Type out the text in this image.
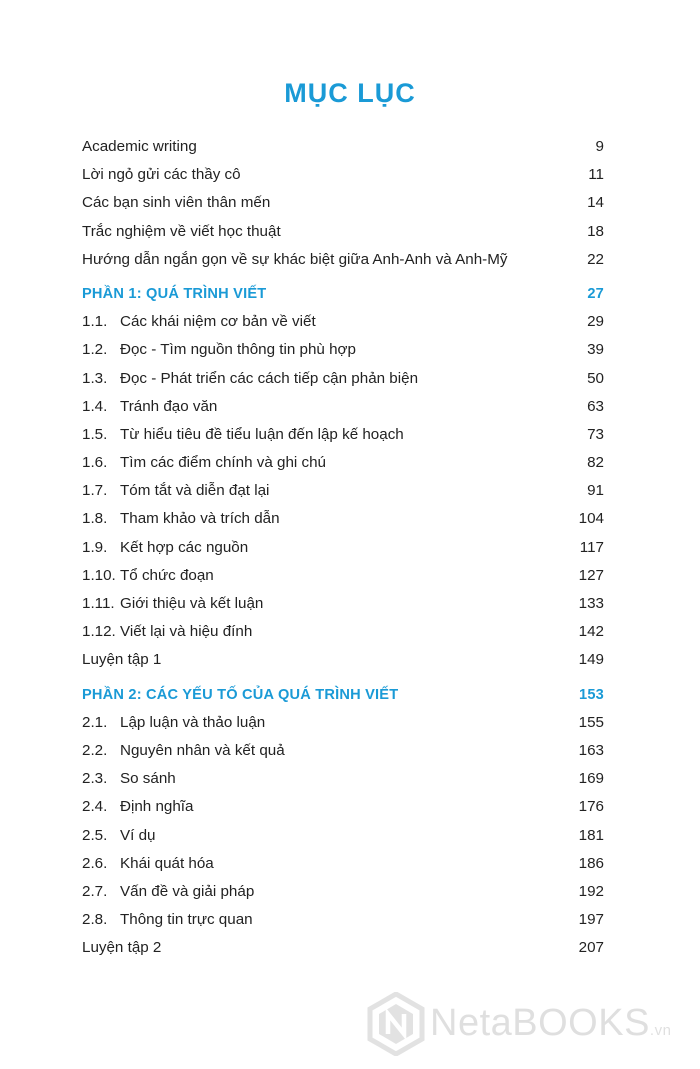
MỤC LỤC
Academic writing	9
Lời ngỏ gửi các thầy cô	11
Các bạn sinh viên thân mến	14
Trắc nghiệm về viết học thuật	18
Hướng dẫn ngắn gọn về sự khác biệt giữa Anh-Anh và Anh-Mỹ	22
PHẦN 1: QUÁ TRÌNH VIẾT	27
1.1. Các khái niệm cơ bản về viết	29
1.2. Đọc - Tìm nguồn thông tin phù hợp	39
1.3. Đọc - Phát triển các cách tiếp cận phản biện	50
1.4. Tránh đạo văn	63
1.5. Từ hiểu tiêu đề tiểu luận đến lập kế hoạch	73
1.6. Tìm các điểm chính và ghi chú	82
1.7. Tóm tắt và diễn đạt lại	91
1.8. Tham khảo và trích dẫn	104
1.9. Kết hợp các nguồn	117
1.10. Tổ chức đoạn	127
1.11. Giới thiệu và kết luận	133
1.12. Viết lại và hiệu đính	142
Luyện tập 1	149
PHẦN 2: CÁC YẾU TỐ CỦA QUÁ TRÌNH VIẾT	153
2.1. Lập luận và thảo luận	155
2.2. Nguyên nhân và kết quả	163
2.3. So sánh	169
2.4. Định nghĩa	176
2.5. Ví dụ	181
2.6. Khái quát hóa	186
2.7. Vấn đề và giải pháp	192
2.8. Thông tin trực quan	197
Luyện tập 2	207
NetaBOOKS.vn
